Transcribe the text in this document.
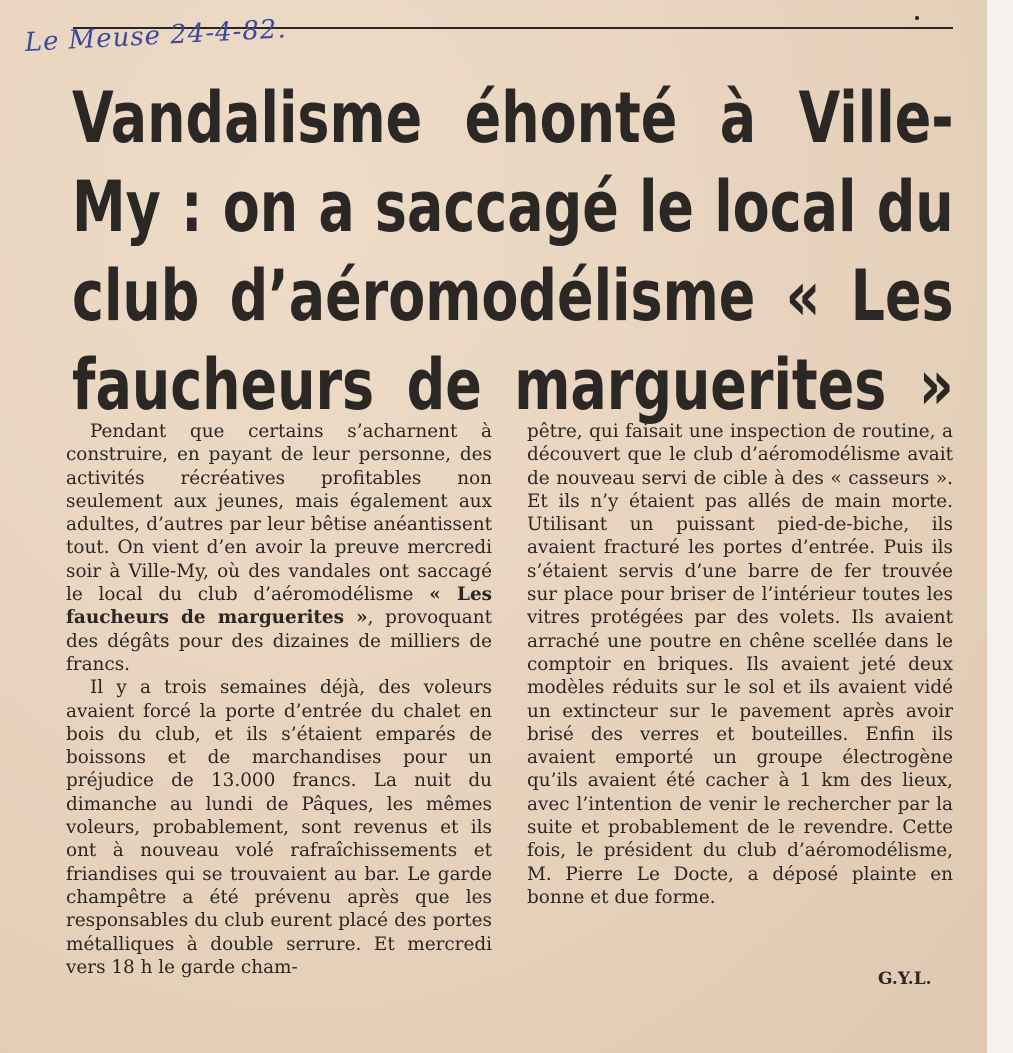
Le Meuse 24-4-82.
Vandalisme éhonté à Ville-
My : on a saccagé le local du
club d’aéromodélisme « Les
faucheurs de marguerites »

Pendant que certains s’acharnent à construire, en payant de leur personne, des activités récréatives profitables non seulement aux jeunes, mais également aux adultes, d’autres par leur bêtise anéantissent tout. On vient d’en avoir la preuve mercredi soir à Ville-My, où des vandales ont saccagé le local du club d’aéromodélisme « Les faucheurs de marguerites », provoquant des dégâts pour des dizaines de milliers de francs.

Il y a trois semaines déjà, des voleurs avaient forcé la porte d’entrée du chalet en bois du club, et ils s’étaient emparés de boissons et de marchandises pour un préjudice de 13.000 francs. La nuit du dimanche au lundi de Pâques, les mêmes voleurs, probablement, sont revenus et ils ont à nouveau volé rafraîchissements et friandises qui se trouvaient au bar. Le garde champêtre a été prévenu après que les responsables du club eurent placé des portes métalliques à double serrure. Et mercredi vers 18 h le garde cham-

pêtre, qui faisait une inspection de routine, a découvert que le club d’aéromodélisme avait de nouveau servi de cible à des « casseurs ». Et ils n’y étaient pas allés de main morte. Utilisant un puissant pied-de-biche, ils avaient fracturé les portes d’entrée. Puis ils s’étaient servis d’une barre de fer trouvée sur place pour briser de l’intérieur toutes les vitres protégées par des volets. Ils avaient arraché une poutre en chêne scellée dans le comptoir en briques. Ils avaient jeté deux modèles réduits sur le sol et ils avaient vidé un extincteur sur le pavement après avoir brisé des verres et bouteilles. Enfin ils avaient emporté un groupe électrogène qu’ils avaient été cacher à 1 km des lieux, avec l’intention de venir le rechercher par la suite et probablement de le revendre. Cette fois, le président du club d’aéromodélisme, M. Pierre Le Docte, a déposé plainte en bonne et due forme.

G.Y.L.
